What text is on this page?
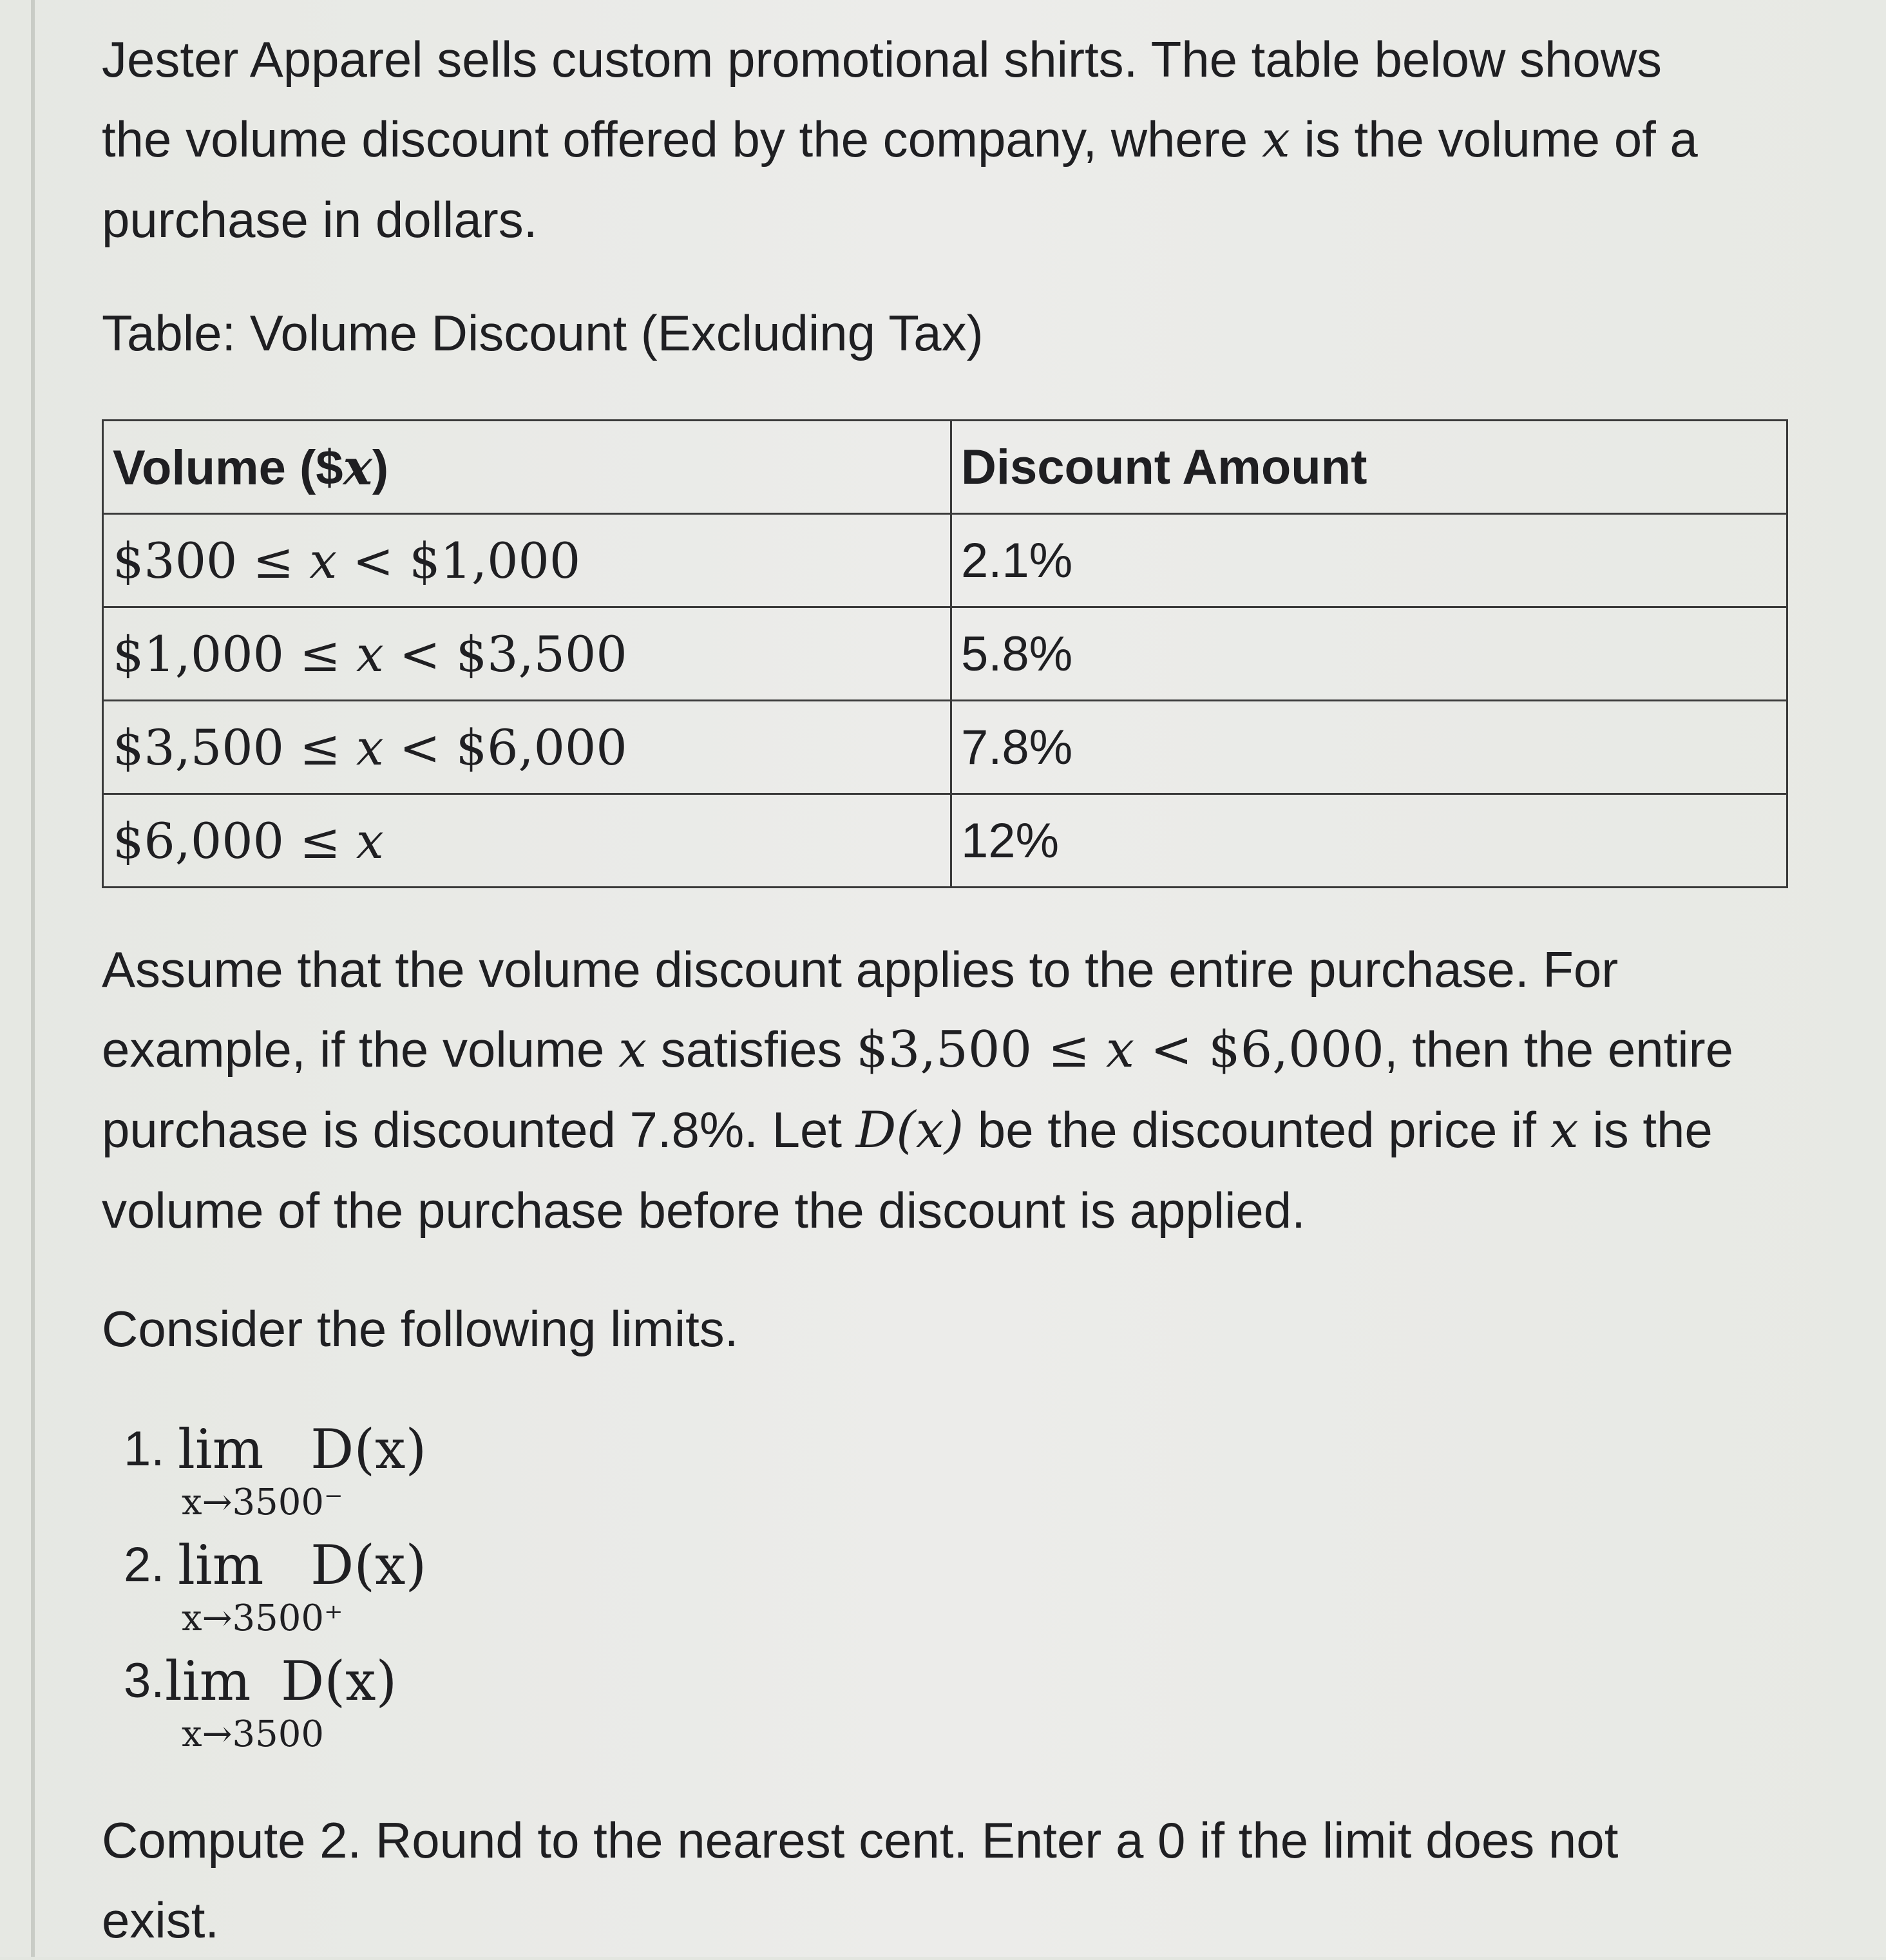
Jester Apparel sells custom promotional shirts. The table below shows
the volume discount offered by the company, where x is the volume of a
purchase in dollars.

Table: Volume Discount (Excluding Tax)

Volume ($x)	Discount Amount
$300 ≤ x < $1,000	2.1%
$1,000 ≤ x < $3,500	5.8%
$3,500 ≤ x < $6,000	7.8%
$6,000 ≤ x	12%

Assume that the volume discount applies to the entire purchase. For
example, if the volume x satisfies $3,500 ≤ x < $6,000, then the entire
purchase is discounted 7.8%. Let D(x) be the discounted price if x is the
volume of the purchase before the discount is applied.

Consider the following limits.

1. lim
x→3500⁻
D(x)
2. lim
x→3500⁺
D(x)
3. lim
x→3500
D(x)

Compute 2. Round to the nearest cent. Enter a 0 if the limit does not
exist.
